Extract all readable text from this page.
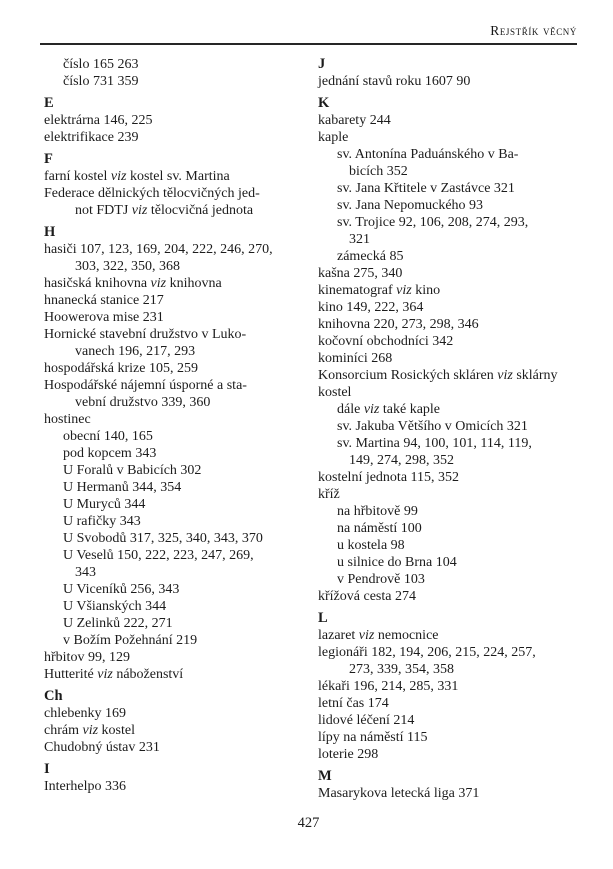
Rejstřík věcný
číslo 165 263
číslo 731 359
E
elektrárna 146, 225
elektrifikace 239
F
farní kostel viz kostel sv. Martina
Federace dělnických tělocvičných jed-
not FDTJ viz tělocvičná jednota
H
hasiči 107, 123, 169, 204, 222, 246, 270,
303, 322, 350, 368
hasičská knihovna viz knihovna
hnanecká stanice 217
Hoowerova mise 231
Hornické stavební družstvo v Luko-
vanech 196, 217, 293
hospodářská krize 105, 259
Hospodářské nájemní úsporné a sta-
vební družstvo 339, 360
hostinec
obecní 140, 165
pod kopcem 343
U Foralů v Babicích 302
U Hermanů 344, 354
U Muryců 344
U rafičky 343
U Svobodů 317, 325, 340, 343, 370
U Veselů 150, 222, 223, 247, 269,
343
U Viceníků 256, 343
U Všianských 344
U Zelinků 222, 271
v Božím Požehnání 219
hřbitov 99, 129
Hutterité viz náboženství
Ch
chlebenky 169
chrám viz kostel
Chudobný ústav 231
I
Interhelpo 336
J
jednání stavů roku 1607 90
K
kabarety 244
kaple
sv. Antonína Paduánského v Ba-
bicích 352
sv. Jana Křtitele v Zastávce 321
sv. Jana Nepomuckého 93
sv. Trojice 92, 106, 208, 274, 293,
321
zámecká 85
kašna 275, 340
kinematograf viz kino
kino 149, 222, 364
knihovna 220, 273, 298, 346
kočovní obchodníci 342
kominíci 268
Konsorcium Rosických skláren viz sklárny
kostel
dále viz také kaple
sv. Jakuba Většího v Omicích 321
sv. Martina 94, 100, 101, 114, 119,
149, 274, 298, 352
kostelní jednota 115, 352
kříž
na hřbitově 99
na náměstí 100
u kostela 98
u silnice do Brna 104
v Pendrově 103
křížová cesta 274
L
lazaret viz nemocnice
legionáři 182, 194, 206, 215, 224, 257,
273, 339, 354, 358
lékaři 196, 214, 285, 331
letní čas 174
lidové léčení 214
lípy na náměstí 115
loterie 298
M
Masarykova letecká liga 371
427
